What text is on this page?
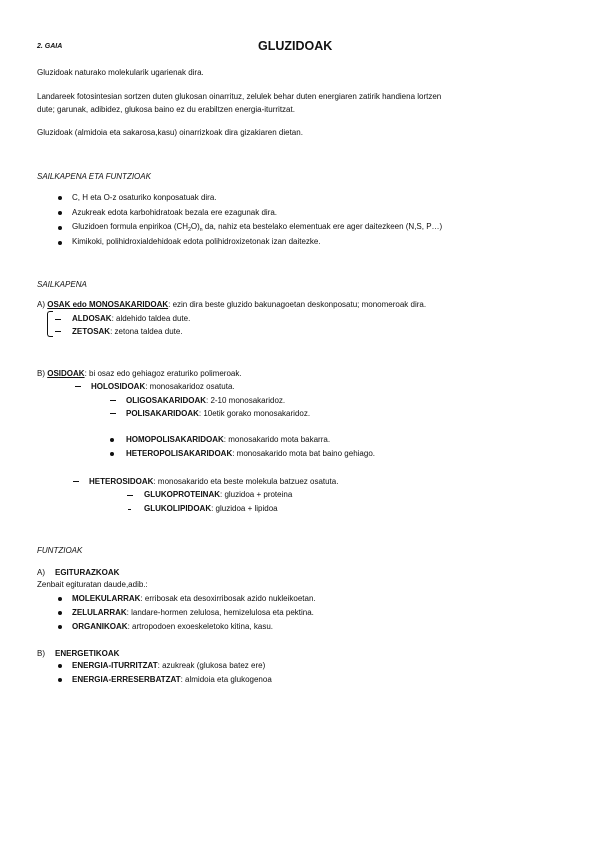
2. GAIA	GLUZIDOAK
Gluzidoak naturako molekularik ugarienak dira.
Landareek fotosintesian sortzen duten glukosan oinarrituz, zelulek behar duten energiaren zatirik handiena lortzen
dute; garunak, adibidez, glukosa baino ez du erabiltzen energia-iturritzat.
Gluzidoak (almidoia eta sakarosa,kasu) oinarrizkoak dira gizakiaren dietan.
SAILKAPENA ETA FUNTZIOAK
C, H eta O-z osaturiko konposatuak dira.
Azukreak edota karbohidratoak bezala ere ezagunak dira.
Gluzidoen formula enpirikoa $(CH_2O)_n$ da, nahiz eta bestelako elementuak ere ager daitezkeen (N,S, P…)
Kimikoki, polihidroxialdehidoak edota polihidroxizetonak izan daitezke.
SAILKAPENA
A) OSAK edo MONOSAKARIDOAK: ezin dira beste gluzido bakunagoetan deskonposatu; monomeroak dira.
ALDOSAK: aldehido taldea dute.
ZETOSAK: zetona taldea dute.
B) OSIDOAK: bi osaz edo gehiagoz eraturiko polimeroak.
HOLOSIDOAK: monosakaridoz osatuta.
OLIGOSAKARIDOAK: 2-10 monosakaridoz.
POLISAKARIDOAK: 10etik gorako monosakaridoz.
HOMOPOLISAKARIDOAK: monosakarido mota bakarra.
HETEROPOLISAKARIDOAK: monosakarido mota bat baino gehiago.
HETEROSIDOAK: monosakarido eta beste molekula batzuez osatuta.
GLUKOPROTEINAK: gluzidoa + proteina
GLUKOLIPIDOAK: gluzidoa + lipidoa
FUNTZIOAK
A) EGITURAZKOAK
Zenbait egituratan daude,adib.:
MOLEKULARRAK: erribosak eta desoxirribosak azido nukleikoetan.
ZELULARRAK: landare-hormen zelulosa, hemizelulosa eta pektina.
ORGANIKOAK: artropodoen exoeskeletoko kitina, kasu.
B) ENERGETIKOAK
ENERGIA-ITURRITZAT: azukreak (glukosa batez ere)
ENERGIA-ERRESERBATZAT: almidoia eta glukogenoa
